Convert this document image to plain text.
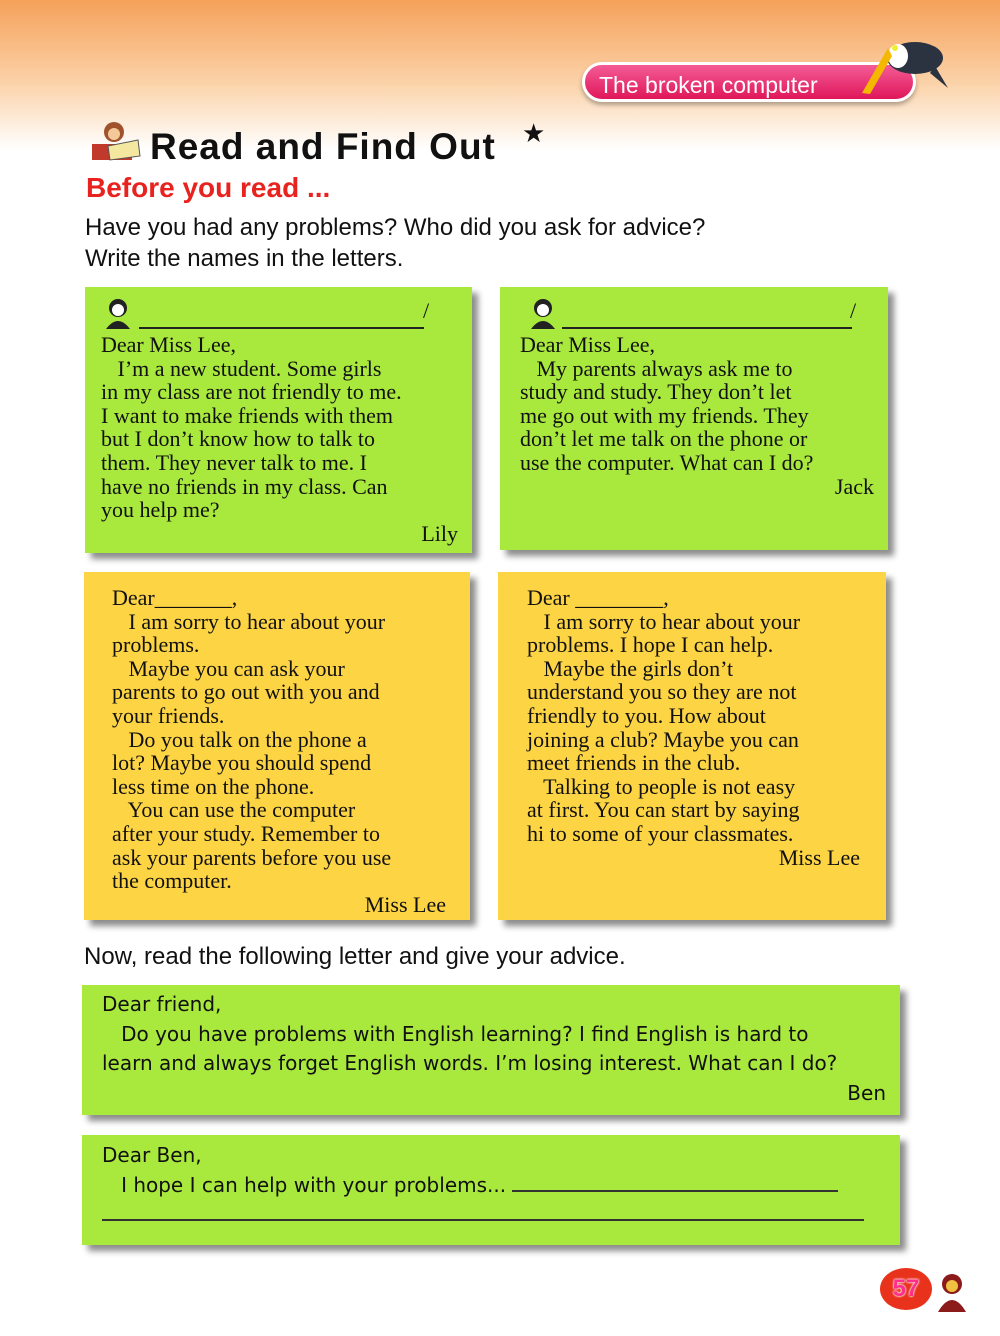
The broken computer
Read and Find Out ★
Before you read ...
Have you had any problems? Who did you ask for advice?
Write the names in the letters.
/
Dear Miss Lee,
I’m a new student. Some girls
in my class are not friendly to me.
I want to make friends with them
but I don’t know how to talk to
them. They never talk to me. I
have no friends in my class. Can
you help me?
Lily
/
Dear Miss Lee,
My parents always ask me to
study and study. They don’t let
me go out with my friends. They
don’t let me talk on the phone or
use the computer. What can I do?
Jack
Dear_______,
I am sorry to hear about your
problems.
Maybe you can ask your
parents to go out with you and
your friends.
Do you talk on the phone a
lot? Maybe you should spend
less time on the phone.
You can use the computer
after your study. Remember to
ask your parents before you use
the computer.
Miss Lee
Dear ________,
I am sorry to hear about your
problems. I hope I can help.
Maybe the girls don’t
understand you so they are not
friendly to you. How about
joining a club? Maybe you can
meet friends in the club.
Talking to people is not easy
at first. You can start by saying
hi to some of your classmates.
Miss Lee
Now, read the following letter and give your advice.
Dear friend,
Do you have problems with English learning? I find English is hard to
learn and always forget English words. I’m losing interest. What can I do?
Ben
Dear Ben,
I hope I can help with your problems...
57
